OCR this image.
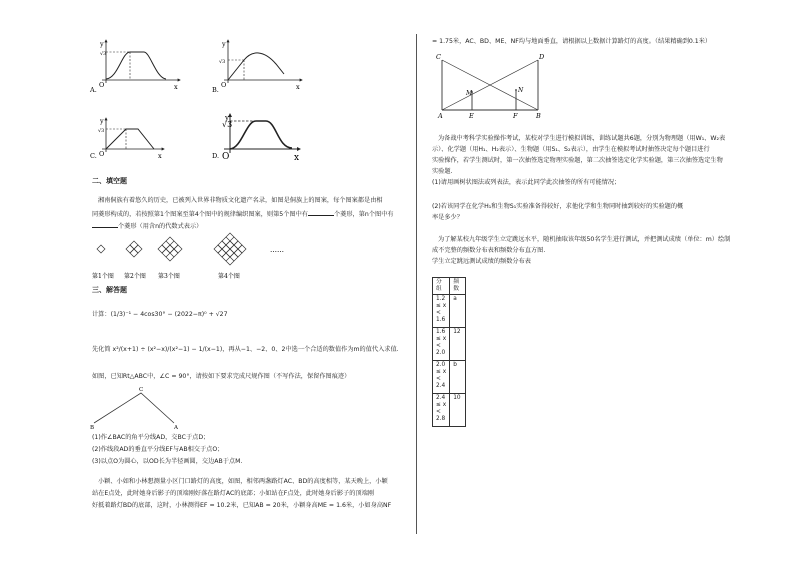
y
√3
O	x
A.
y
√3
O	x
B.
y
√3
O	x
C.
y
√3
O	x
D.
二、填空题
湘南侗族有着悠久的历史，已被列入世界非物质文化遗产名录，如图是侗族上的图案，每个图案都是由相
同菱形构成的，若按照第1个图案至第4个图中的规律编织图案，则第5个图中有	个菱形，第n个图中有
个菱形（用含n的代数式表示）
……
第1个图 第2个图 第3个图	第4个图
三、解答题
计算：(1/3)⁻¹ − 4cos30° − (2022−π)⁰ + √27
先化简 x²/(x+1) ÷ (x²−x)/(x²−1) − 1/(x−1)，再从−1、−2、0、2中选一个合适的数值作为m的值代入求值.
如图，已知Rt△ABC中，∠C = 90°，请按如下要求完成尺规作图（不写作法，保留作图痕迹）
C
B	A
(1)作∠BAC的角平分线AD，交BC于点D；
(2)作线段AD的垂直平分线EF与AB相交于点O；
(3)以点O为圆心，以OD长为半径画圆，交边AB于点M.
小颖、小如和小林想测量小区门口路灯的高度，如图，相邻两盏路灯AC、BD的高度相等，某天晚上，小颖
站在E点处，此时她身后影子的顶端刚好落在路灯AC的底部；小如站在F点处，此时她身后影子的顶端刚
好抵着路灯BD的底部，这时，小林测得EF = 10.2米，已知AB = 20米，小颖身高ME = 1.6米，小如身高NF
= 1.75米，AC、BD、ME、NF均与地面垂直，请根据以上数据计算路灯的高度。（结果精确到0.1米）
C	D
M	N
A	E	F	B
为备战中考科学实验操作考试，某校对学生进行模拟训练，训练试题共6题，分别为物理题（用W₁、W₂表
示）、化学题（用H₁、H₂表示）、生物题（用S₁、S₂表示），由学生在模拟考试时抽签决定每个题目进行
实验操作，若学生测试时，第一次抽签选定物理实验题，第二次抽签选定化学实验题，第三次抽签选定生物
实验题.
(1)请用画树状图法或列表法，表示此同学此次抽签的所有可能情况；
(2)若该同学在化学H₁和生物S₁实验准备得较好，求他化学和生物同时抽到较好的实验题的概
率是多少？
为了解某校九年级学生立定跳远水平，随机抽取该年级50名学生进行测试，并把测试成绩（单位：m）绘制
成不完整的频数分布表和频数分布直方图.
学生立定跳远测试成绩的频数分布表
分组	频数
1.2 ≤ x < 1.6	a
1.6 ≤ x < 2.0	12
2.0 ≤ x < 2.4	b
2.4 ≤ x < 2.8	10
